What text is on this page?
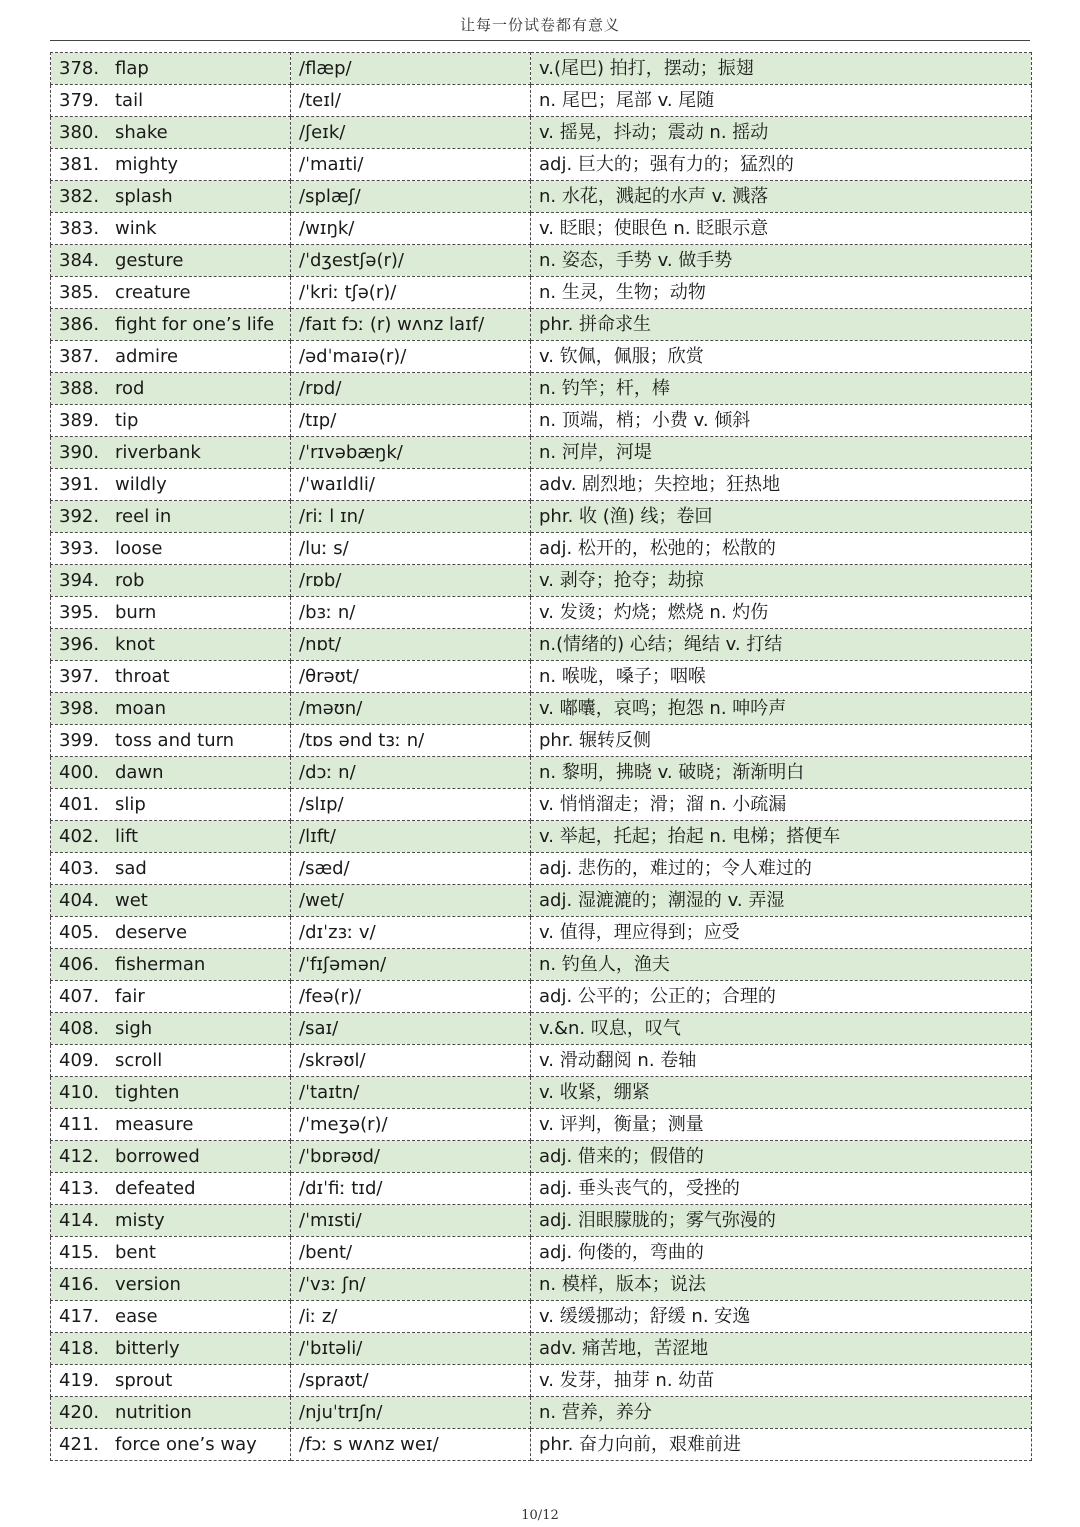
让每一份试卷都有意义
378. flap	/flæp/	v.(尾巴) 拍打，摆动；振翅
379. tail	/teɪl/	n. 尾巴；尾部 v. 尾随
380. shake	/ʃeɪk/	v. 摇晃，抖动；震动 n. 摇动
381. mighty	/ˈmaɪti/	adj. 巨大的；强有力的；猛烈的
382. splash	/splæʃ/	n. 水花，溅起的水声 v. 溅落
383. wink	/wɪŋk/	v. 眨眼；使眼色 n. 眨眼示意
384. gesture	/ˈdʒestʃə(r)/	n. 姿态，手势 v. 做手势
385. creature	/ˈkriː tʃə(r)/	n. 生灵，生物；动物
386. fight for one’s life	/faɪt fɔː (r) wʌnz laɪf/	phr. 拼命求生
387. admire	/ədˈmaɪə(r)/	v. 钦佩，佩服；欣赏
388. rod	/rɒd/	n. 钓竿；杆，棒
389. tip	/tɪp/	n. 顶端，梢；小费 v. 倾斜
390. riverbank	/ˈrɪvəbæŋk/	n. 河岸，河堤
391. wildly	/ˈwaɪldli/	adv. 剧烈地；失控地；狂热地
392. reel in	/riː l ɪn/	phr. 收 (渔) 线；卷回
393. loose	/luː s/	adj. 松开的，松弛的；松散的
394. rob	/rɒb/	v. 剥夺；抢夺；劫掠
395. burn	/bɜː n/	v. 发烫；灼烧；燃烧 n. 灼伤
396. knot	/nɒt/	n.(情绪的) 心结；绳结 v. 打结
397. throat	/θrəʊt/	n. 喉咙，嗓子；咽喉
398. moan	/məʊn/	v. 嘟囔，哀鸣；抱怨 n. 呻吟声
399. toss and turn	/tɒs ənd tɜː n/	phr. 辗转反侧
400. dawn	/dɔː n/	n. 黎明，拂晓 v. 破晓；渐渐明白
401. slip	/slɪp/	v. 悄悄溜走；滑；溜 n. 小疏漏
402. lift	/lɪft/	v. 举起，托起；抬起 n. 电梯；搭便车
403. sad	/sæd/	adj. 悲伤的，难过的；令人难过的
404. wet	/wet/	adj. 湿漉漉的；潮湿的 v. 弄湿
405. deserve	/dɪˈzɜː v/	v. 值得，理应得到；应受
406. fisherman	/ˈfɪʃəmən/	n. 钓鱼人，渔夫
407. fair	/feə(r)/	adj. 公平的；公正的；合理的
408. sigh	/saɪ/	v.&n. 叹息，叹气
409. scroll	/skrəʊl/	v. 滑动翻阅 n. 卷轴
410. tighten	/ˈtaɪtn/	v. 收紧，绷紧
411. measure	/ˈmeʒə(r)/	v. 评判，衡量；测量
412. borrowed	/ˈbɒrəʊd/	adj. 借来的；假借的
413. defeated	/dɪˈfiː tɪd/	adj. 垂头丧气的，受挫的
414. misty	/ˈmɪsti/	adj. 泪眼朦胧的；雾气弥漫的
415. bent	/bent/	adj. 佝偻的，弯曲的
416. version	/ˈvɜː ʃn/	n. 模样，版本；说法
417. ease	/iː z/	v. 缓缓挪动；舒缓 n. 安逸
418. bitterly	/ˈbɪtəli/	adv. 痛苦地，苦涩地
419. sprout	/spraʊt/	v. 发芽，抽芽 n. 幼苗
420. nutrition	/njuˈtrɪʃn/	n. 营养，养分
421. force one’s way	/fɔː s wʌnz weɪ/	phr. 奋力向前，艰难前进
10/12
